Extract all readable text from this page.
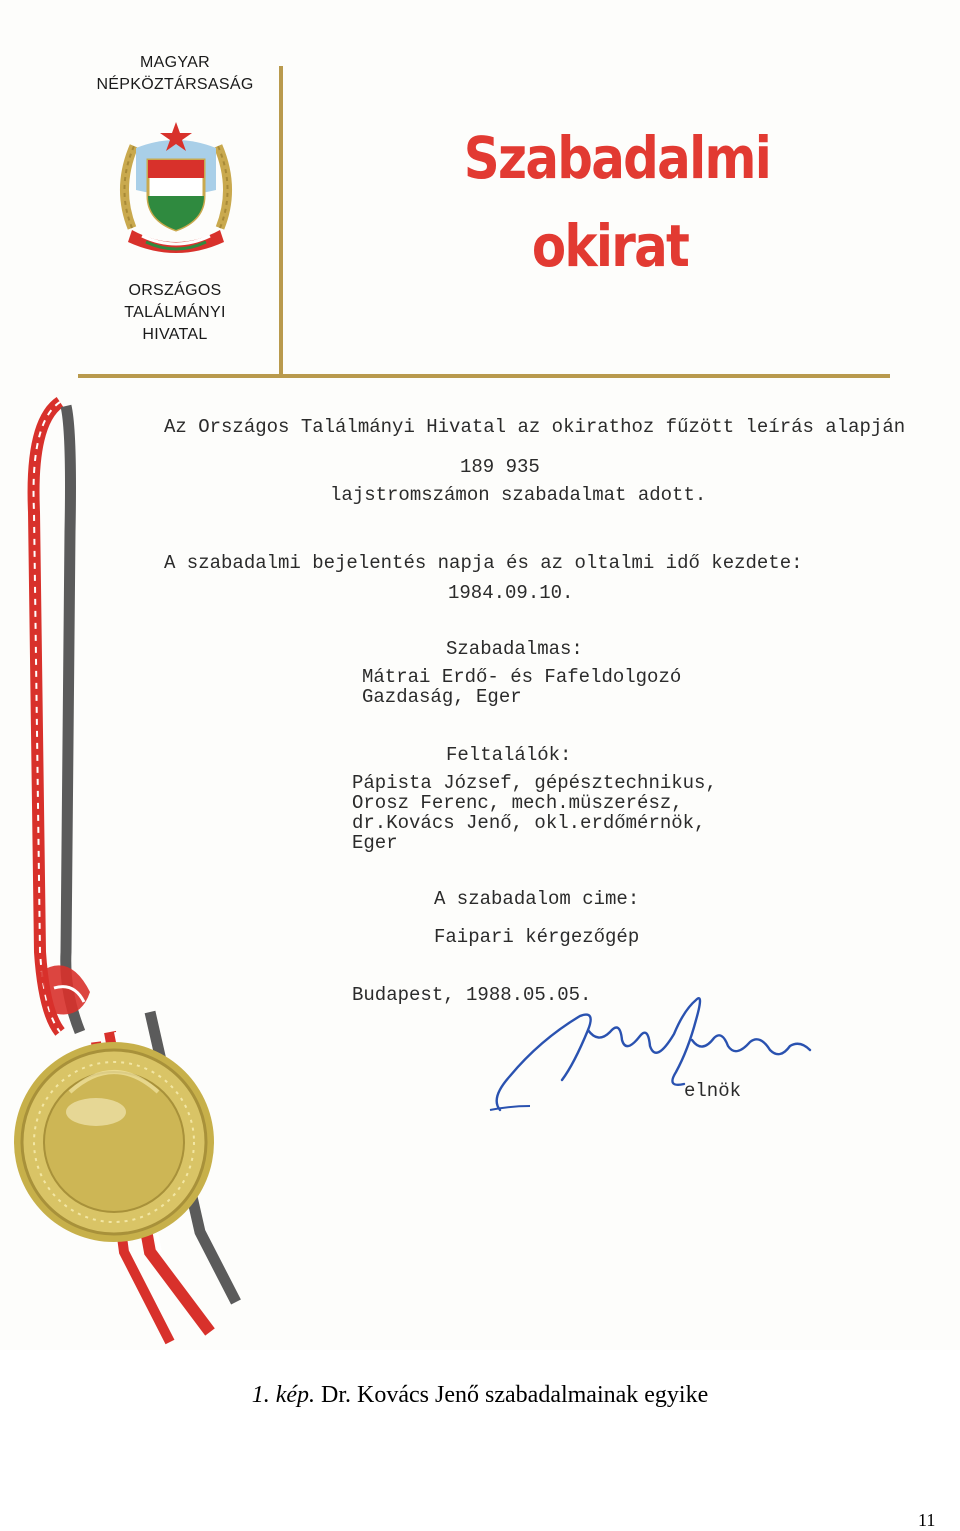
MAGYAR
NÉPKÖZTÁRSASÁG
ORSZÁGOS
TALÁLMÁNYI
HIVATAL
Szabadalmi
okirat
Az Országos Találmányi Hivatal az okirathoz fűzött leírás alapján
189 935
lajstromszámon szabadalmat adott.
A szabadalmi bejelentés napja és az oltalmi idő kezdete:
1984.09.10.
Szabadalmas:
Mátrai Erdő- és Fafeldolgozó
Gazdaság, Eger
Feltalálók:
Pápista József, gépésztechnikus,
Orosz Ferenc, mech.müszerész,
dr.Kovács Jenő, okl.erdőmérnök,
Eger
A szabadalom cime:
Faipari kérgezőgép
Budapest, 1988.05.05.
elnök
1. kép. Dr. Kovács Jenő szabadalmainak egyike
11
